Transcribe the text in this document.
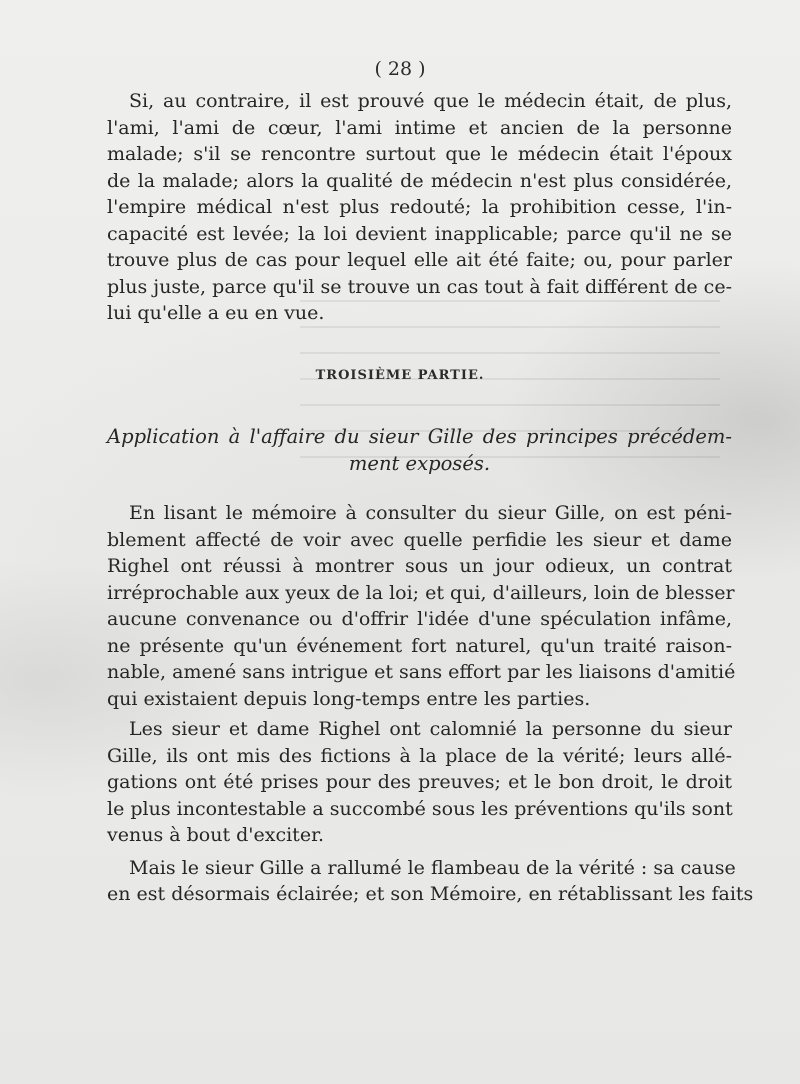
( 28 )
Si, au contraire, il est prouvé que le médecin était, de plus,
l'ami, l'ami de cœur, l'ami intime et ancien de la personne
malade; s'il se rencontre surtout que le médecin était l'époux
de la malade; alors la qualité de médecin n'est plus considérée,
l'empire médical n'est plus redouté; la prohibition cesse, l'in-
capacité est levée; la loi devient inapplicable; parce qu'il ne se
trouve plus de cas pour lequel elle ait été faite; ou, pour parler
plus juste, parce qu'il se trouve un cas tout à fait différent de ce-
lui qu'elle a eu en vue.
TROISIÈME PARTIE.
Application à l'affaire du sieur Gille des principes précédem-
ment exposés.
En lisant le mémoire à consulter du sieur Gille, on est péni-
blement affecté de voir avec quelle perfidie les sieur et dame
Righel ont réussi à montrer sous un jour odieux, un contrat
irréprochable aux yeux de la loi; et qui, d'ailleurs, loin de blesser
aucune convenance ou d'offrir l'idée d'une spéculation infâme,
ne présente qu'un événement fort naturel, qu'un traité raison-
nable, amené sans intrigue et sans effort par les liaisons d'amitié
qui existaient depuis long-temps entre les parties.
Les sieur et dame Righel ont calomnié la personne du sieur
Gille, ils ont mis des fictions à la place de la vérité; leurs allé-
gations ont été prises pour des preuves; et le bon droit, le droit
le plus incontestable a succombé sous les préventions qu'ils sont
venus à bout d'exciter.
Mais le sieur Gille a rallumé le flambeau de la vérité : sa cause
en est désormais éclairée; et son Mémoire, en rétablissant les faits
